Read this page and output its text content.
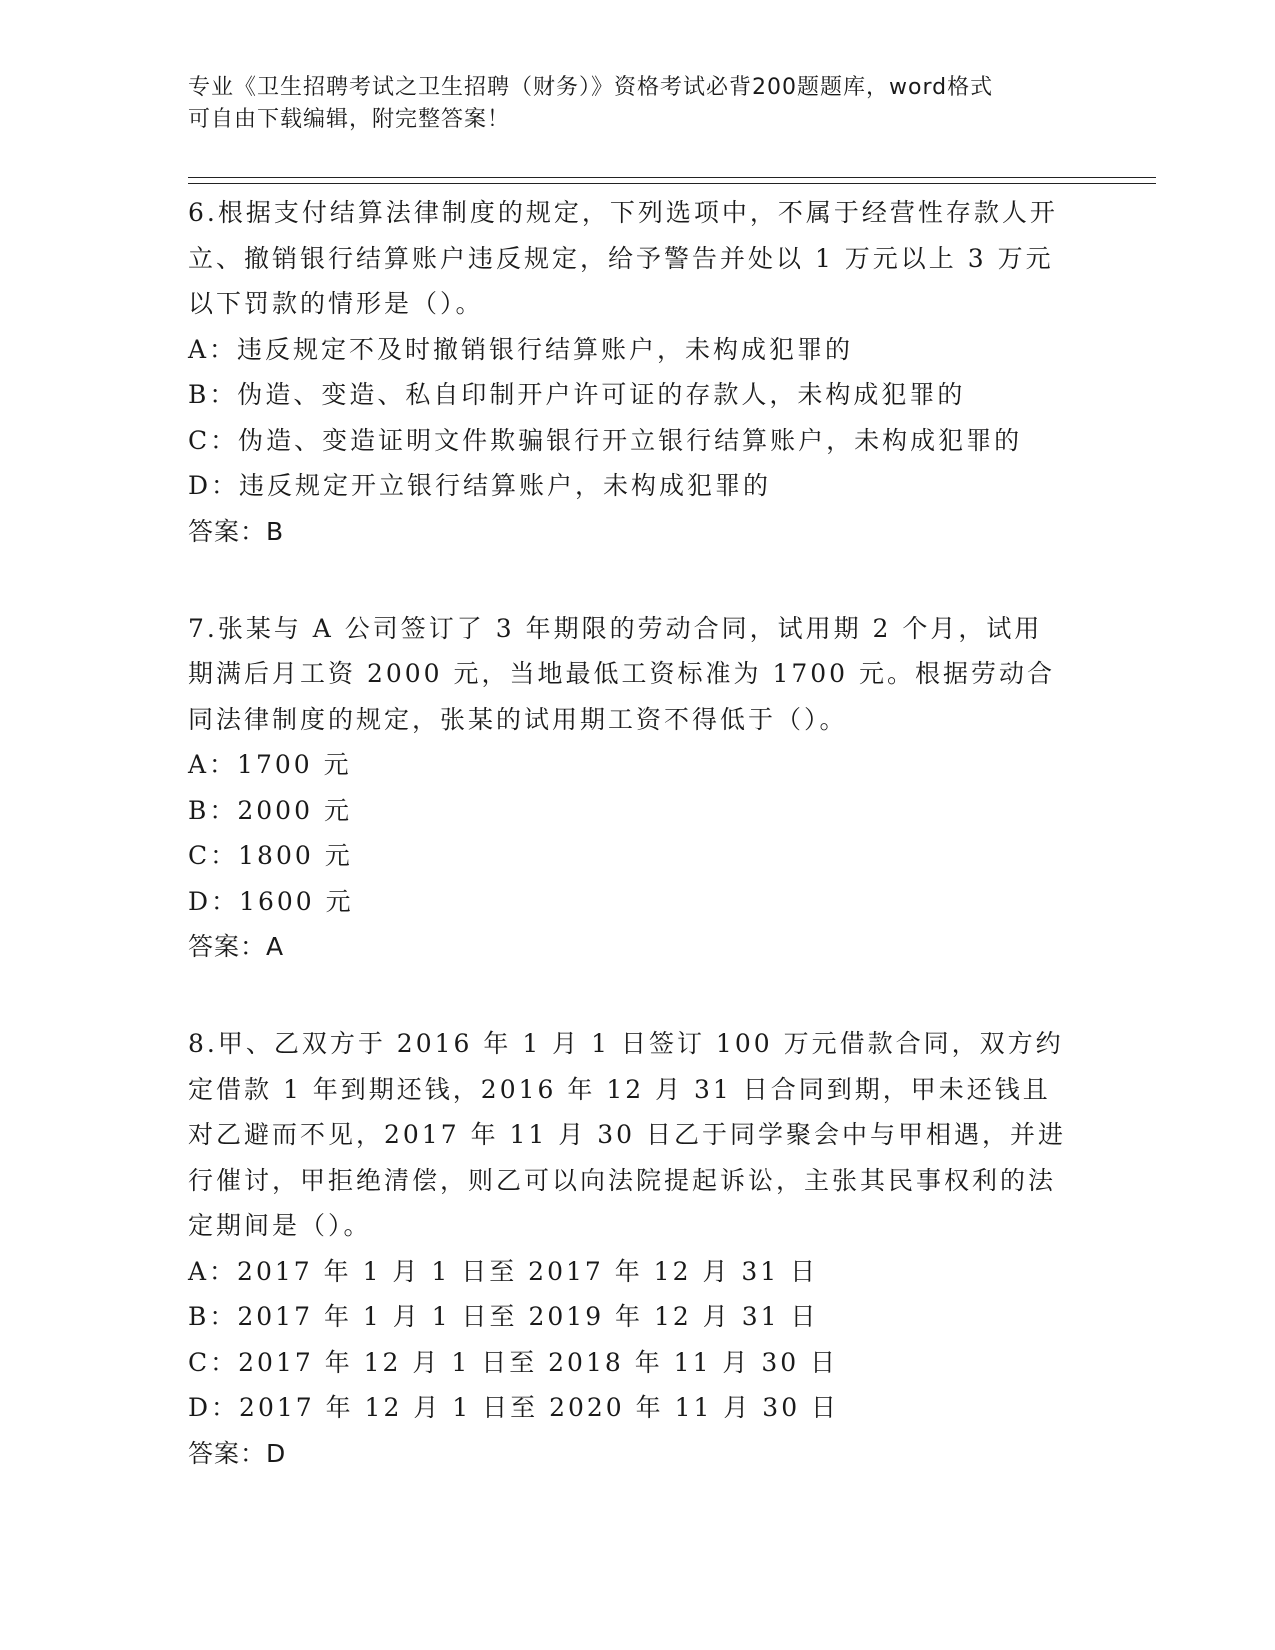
专业《卫生招聘考试之卫生招聘（财务）》资格考试必背200题题库，word格式
可自由下载编辑，附完整答案！

6.根据支付结算法律制度的规定，下列选项中，不属于经营性存款人开立、撤销银行结算账户违反规定，给予警告并处以 1 万元以上 3 万元以下罚款的情形是（）。

A：违反规定不及时撤销银行结算账户，未构成犯罪的

B：伪造、变造、私自印制开户许可证的存款人，未构成犯罪的

C：伪造、变造证明文件欺骗银行开立银行结算账户，未构成犯罪的

D：违反规定开立银行结算账户，未构成犯罪的

答案：B

7.张某与 A 公司签订了 3 年期限的劳动合同，试用期 2 个月，试用期满后月工资 2000 元，当地最低工资标准为 1700 元。根据劳动合同法律制度的规定，张某的试用期工资不得低于（）。

A：1700 元

B：2000 元

C：1800 元

D：1600 元

答案：A

8.甲、乙双方于 2016 年 1 月 1 日签订 100 万元借款合同，双方约定借款 1 年到期还钱，2016 年 12 月 31 日合同到期，甲未还钱且对乙避而不见，2017 年 11 月 30 日乙于同学聚会中与甲相遇，并进行催讨，甲拒绝清偿，则乙可以向法院提起诉讼，主张其民事权利的法定期间是（）。

A：2017 年 1 月 1 日至 2017 年 12 月 31 日

B：2017 年 1 月 1 日至 2019 年 12 月 31 日

C：2017 年 12 月 1 日至 2018 年 11 月 30 日

D：2017 年 12 月 1 日至 2020 年 11 月 30 日

答案：D
